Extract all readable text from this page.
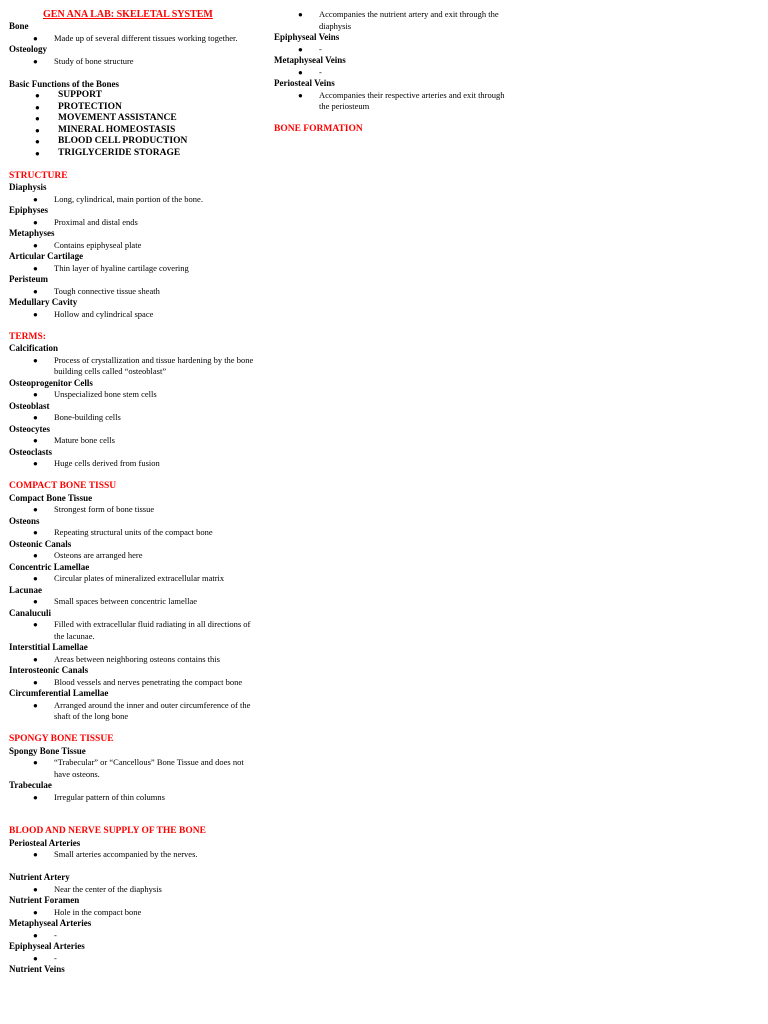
GEN ANA LAB: SKELETAL SYSTEM
Bone
● Made up of several different tissues working together.
Osteology
● Study of bone structure
Basic Functions of the Bones
● SUPPORT
● PROTECTION
● MOVEMENT ASSISTANCE
● MINERAL HOMEOSTASIS
● BLOOD CELL PRODUCTION
● TRIGLYCERIDE STORAGE
STRUCTURE
Diaphysis
● Long, cylindrical, main portion of the bone.
Epiphyses
● Proximal and distal ends
Metaphyses
● Contains epiphyseal plate
Articular Cartilage
● Thin layer of hyaline cartilage covering
Peristeum
● Tough connective tissue sheath
Medullary Cavity
● Hollow and cylindrical space
TERMS:
Calcification
● Process of crystallization and tissue hardening by the bone building cells called “osteoblast”
Osteoprogenitor Cells
● Unspecialized bone stem cells
Osteoblast
● Bone-building cells
Osteocytes
● Mature bone cells
Osteoclasts
● Huge cells derived from fusion
COMPACT BONE TISSU
Compact Bone Tissue
● Strongest form of bone tissue
Osteons
● Repeating structural units of the compact bone
Osteonic Canals
● Osteons are arranged here
Concentric Lamellae
● Circular plates of mineralized extracellular matrix
Lacunae
● Small spaces between concentric lamellae
Canaluculi
● Filled with extracellular fluid radiating in all directions of the lacunae.
Interstitial Lamellae
● Areas between neighboring osteons contains this
Interosteonic Canals
● Blood vessels and nerves penetrating the compact bone
Circumferential Lamellae
● Arranged around the inner and outer circumference of the shaft of the long bone
SPONGY BONE TISSUE
Spongy Bone Tissue
● “Trabecular” or “Cancellous” Bone Tissue and does not have osteons.
Trabeculae
● Irregular pattern of thin columns
BLOOD AND NERVE SUPPLY OF THE BONE
Periosteal Arteries
● Small arteries accompanied by the nerves.
Nutrient Artery
● Near the center of the diaphysis
Nutrient Foramen
● Hole in the compact bone
Metaphyseal Arteries
● -
Epiphyseal Arteries
● -
Nutrient Veins
● Accompanies the nutrient artery and exit through the diaphysis
Epiphyseal Veins
● -
Metaphyseal Veins
● -
Periosteal Veins
● Accompanies their respective arteries and exit through the periosteum
BONE FORMATION
